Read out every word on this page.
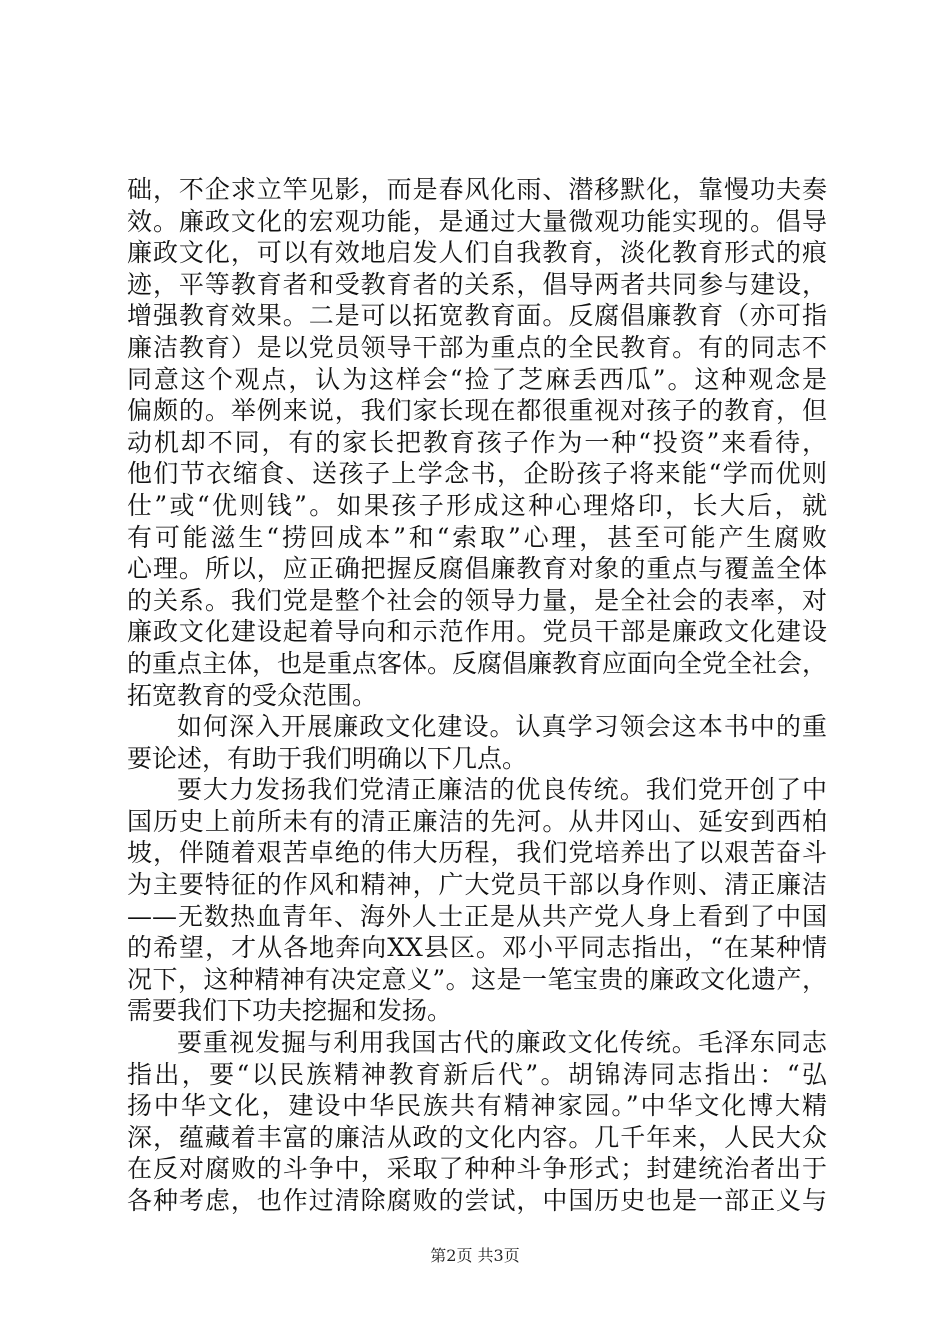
础，不企求立竿见影，而是春风化雨、潜移默化，靠慢功夫奏
效。廉政文化的宏观功能，是通过大量微观功能实现的。倡导
廉政文化，可以有效地启发人们自我教育，淡化教育形式的痕
迹，平等教育者和受教育者的关系，倡导两者共同参与建设，
增强教育效果。二是可以拓宽教育面。反腐倡廉教育（亦可指
廉洁教育）是以党员领导干部为重点的全民教育。有的同志不
同意这个观点，认为这样会“捡了芝麻丢西瓜”。这种观念是
偏颇的。举例来说，我们家长现在都很重视对孩子的教育，但
动机却不同，有的家长把教育孩子作为一种“投资”来看待，
他们节衣缩食、送孩子上学念书，企盼孩子将来能“学而优则
仕”或“优则钱”。如果孩子形成这种心理烙印，长大后，就
有可能滋生“捞回成本”和“索取”心理，甚至可能产生腐败
心理。所以，应正确把握反腐倡廉教育对象的重点与覆盖全体
的关系。我们党是整个社会的领导力量，是全社会的表率，对
廉政文化建设起着导向和示范作用。党员干部是廉政文化建设
的重点主体，也是重点客体。反腐倡廉教育应面向全党全社会，
拓宽教育的受众范围。
如何深入开展廉政文化建设。认真学习领会这本书中的重
要论述，有助于我们明确以下几点。
要大力发扬我们党清正廉洁的优良传统。我们党开创了中
国历史上前所未有的清正廉洁的先河。从井冈山、延安到西柏
坡，伴随着艰苦卓绝的伟大历程，我们党培养出了以艰苦奋斗
为主要特征的作风和精神，广大党员干部以身作则、清正廉洁
——无数热血青年、海外人士正是从共产党人身上看到了中国
的希望，才从各地奔向XX县区。邓小平同志指出，“在某种情
况下，这种精神有决定意义”。这是一笔宝贵的廉政文化遗产，
需要我们下功夫挖掘和发扬。
要重视发掘与利用我国古代的廉政文化传统。毛泽东同志
指出，要“以民族精神教育新后代”。胡锦涛同志指出：“弘
扬中华文化，建设中华民族共有精神家园。”中华文化博大精
深，蕴藏着丰富的廉洁从政的文化内容。几千年来，人民大众
在反对腐败的斗争中，采取了种种斗争形式；封建统治者出于
各种考虑，也作过清除腐败的尝试，中国历史也是一部正义与
第2页 共3页
